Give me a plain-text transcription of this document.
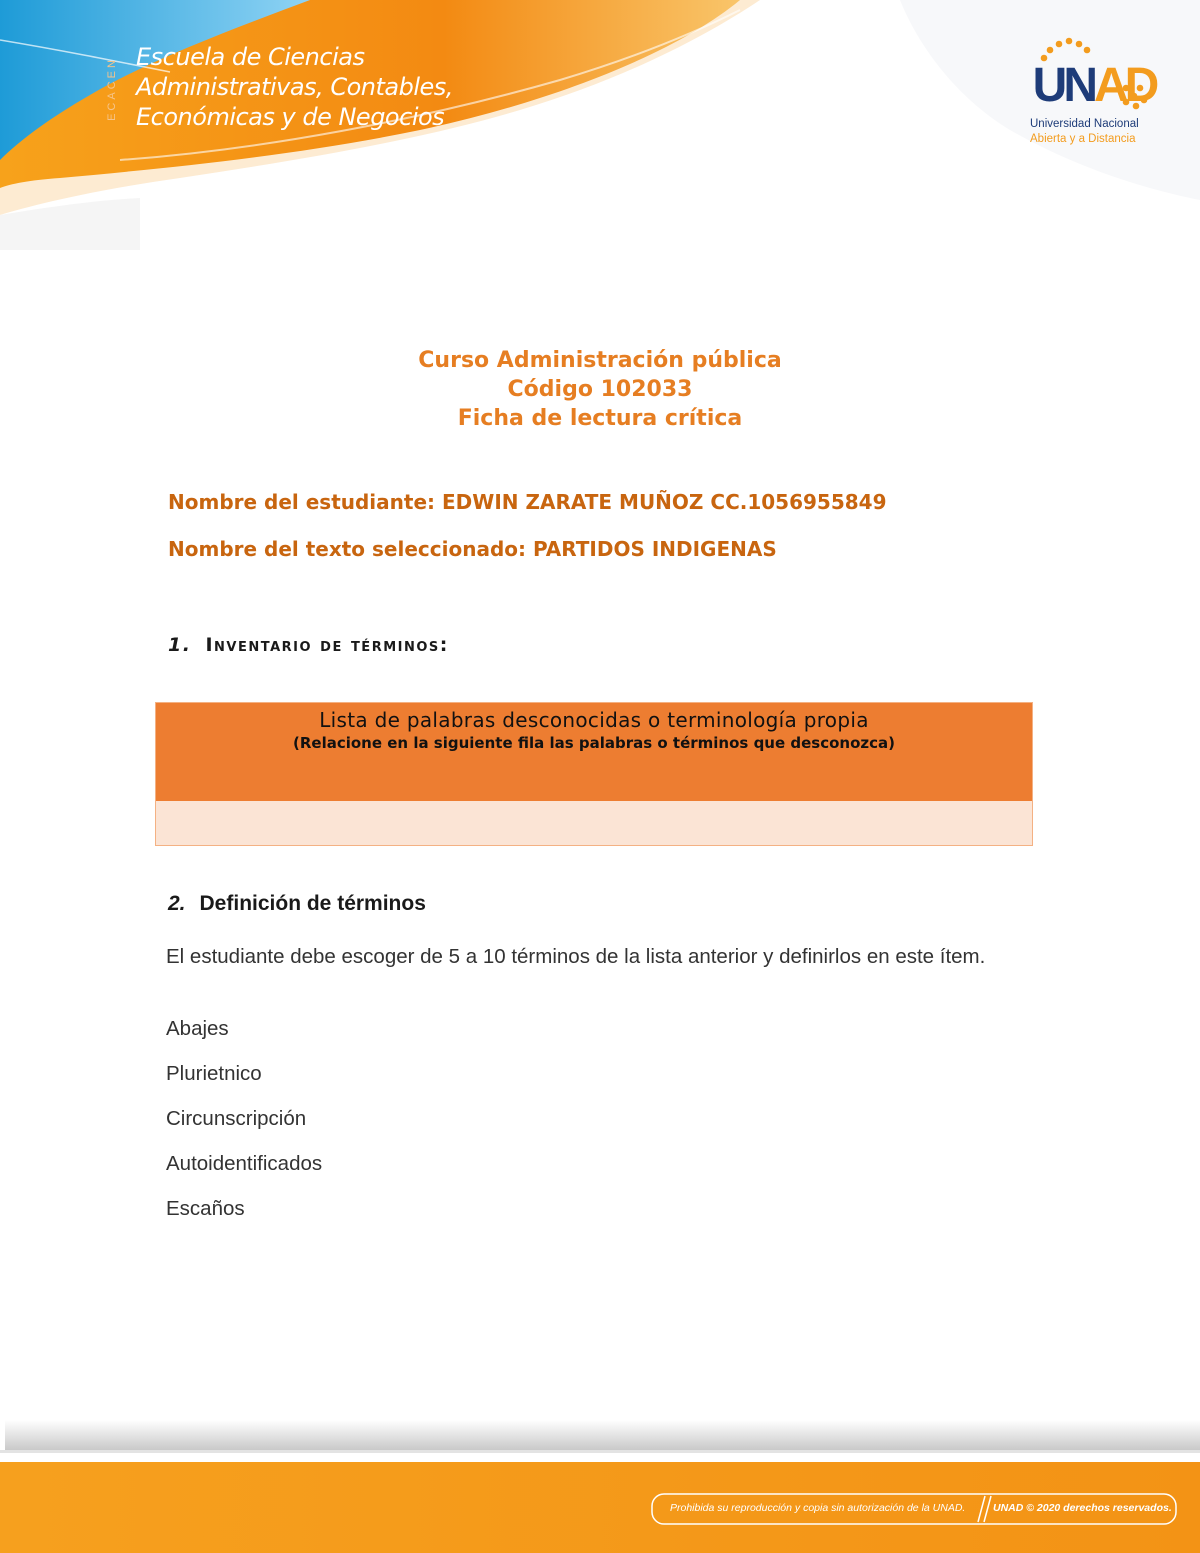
ECACEN
Escuela de Ciencias
Administrativas, Contables,
Económicas y de Negocios
UNAD
Universidad Nacional
Abierta y a Distancia
Curso Administración pública
Código 102033
Ficha de lectura crítica
Nombre del estudiante: EDWIN ZARATE MUÑOZ CC.1056955849
Nombre del texto seleccionado: PARTIDOS INDIGENAS
1. Inventario de términos:
Lista de palabras desconocidas o terminología propia
(Relacione en la siguiente fila las palabras o términos que desconozca)
2. Definición de términos
El estudiante debe escoger de 5 a 10 términos de la lista anterior y definirlos en este ítem.
Abajes
Plurietnico
Circunscripción
Autoidentificados
Escaños
Prohibida su reproducción y copia sin autorización de la UNAD.	UNAD © 2020 derechos reservados.
